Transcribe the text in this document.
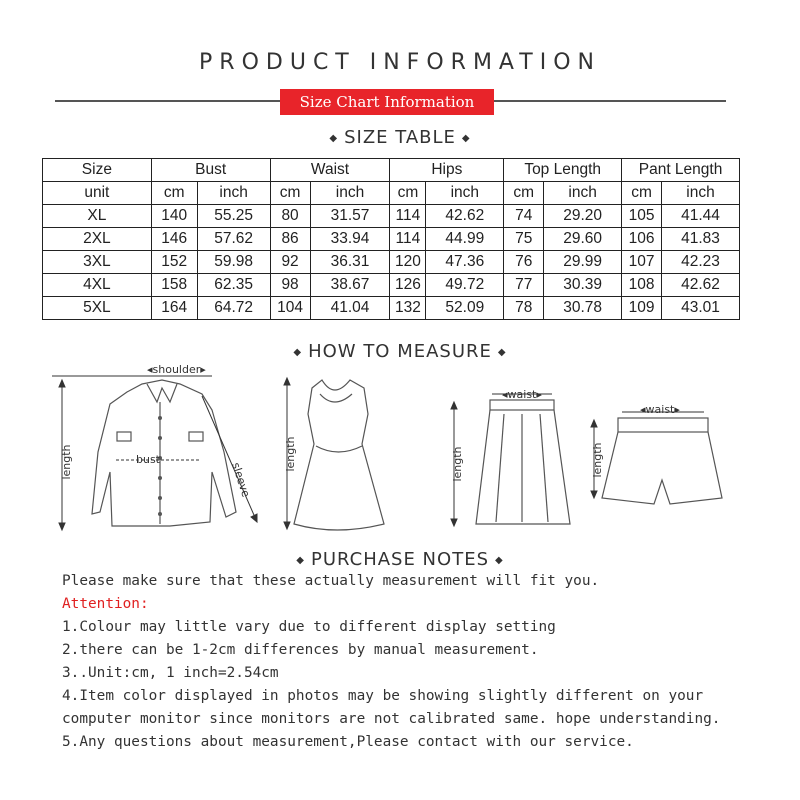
PRODUCT INFORMATION
Size Chart Information
◆ SIZE TABLE ◆
Size	Bust		Waist		Hips		Top Length		Pant Length	
unit	cm	inch	cm	inch	cm	inch	cm	inch	cm	inch
XL	140	55.25	80	31.57	114	42.62	74	29.20	105	41.44
2XL	146	57.62	86	33.94	114	44.99	75	29.60	106	41.83
3XL	152	59.98	92	36.31	120	47.36	76	29.99	107	42.23
4XL	158	62.35	98	38.67	126	49.72	77	30.39	108	42.62
5XL	164	64.72	104	41.04	132	52.09	78	30.78	109	43.01
◆ HOW TO MEASURE ◆
◂shoulder▸
length	bust
sleeve
length
◂waist▸
length
◂waist▸
length
◆ PURCHASE NOTES ◆

Please make sure that these actually measurement will fit you.

Attention:

1.Colour may little vary due to different display setting

2.there can be 1-2cm differences by manual measurement.

3..Unit:cm, 1 inch=2.54cm

4.Item color displayed in photos may be showing slightly different on your

computer monitor since monitors are not calibrated same. hope understanding.

5.Any questions about measurement,Please contact with our service.
